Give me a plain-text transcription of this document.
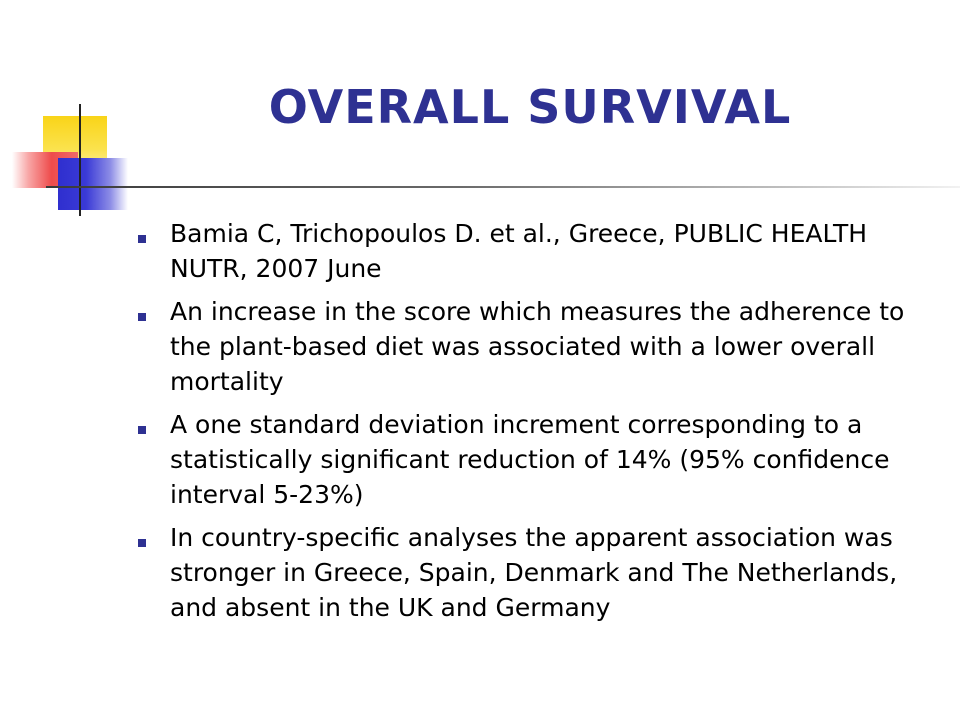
OVERALL SURVIVAL
Bamia C, Trichopoulos D. et al., Greece, PUBLIC HEALTH NUTR, 2007 June
An increase in the score which measures the adherence to the plant-based diet was associated with a lower overall mortality
A one standard deviation increment corresponding to a statistically significant reduction of 14% (95% confidence interval 5-23%)
In country-specific analyses the apparent association was stronger in Greece, Spain, Denmark and The Netherlands, and absent in the UK and Germany
